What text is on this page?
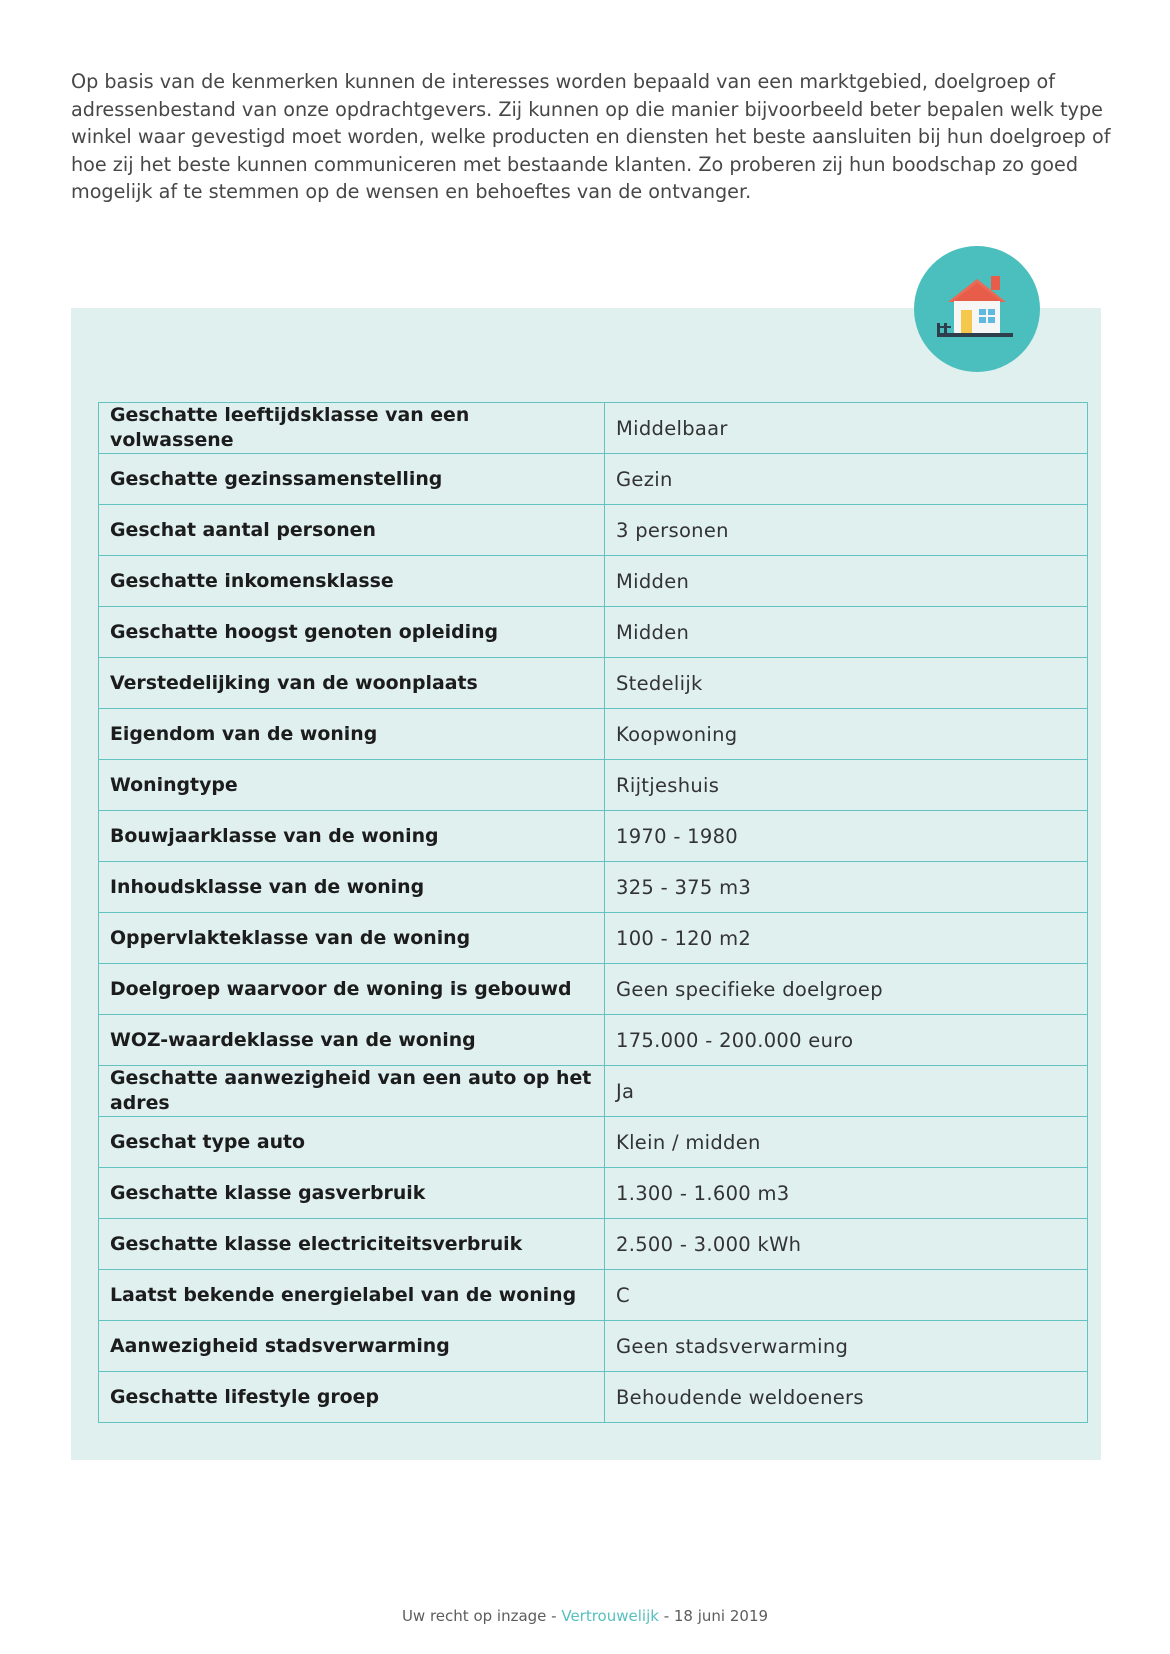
Op basis van de kenmerken kunnen de interesses worden bepaald van een marktgebied, doelgroep of adressenbestand van onze opdrachtgevers. Zij kunnen op die manier bijvoorbeeld beter bepalen welk type winkel waar gevestigd moet worden, welke producten en diensten het beste aansluiten bij hun doelgroep of hoe zij het beste kunnen communiceren met bestaande klanten. Zo proberen zij hun boodschap zo goed mogelijk af te stemmen op de wensen en behoeftes van de ontvanger.

Geschatte leeftijdsklasse van een volwassene	Middelbaar
Geschatte gezinssamenstelling	Gezin
Geschat aantal personen	3 personen
Geschatte inkomensklasse	Midden
Geschatte hoogst genoten opleiding	Midden
Verstedelijking van de woonplaats	Stedelijk
Eigendom van de woning	Koopwoning
Woningtype	Rijtjeshuis
Bouwjaarklasse van de woning	1970 - 1980
Inhoudsklasse van de woning	325 - 375 m3
Oppervlakteklasse van de woning	100 - 120 m2
Doelgroep waarvoor de woning is gebouwd	Geen specifieke doelgroep
WOZ-waardeklasse van de woning	175.000 - 200.000 euro
Geschatte aanwezigheid van een auto op het adres	Ja
Geschat type auto	Klein / midden
Geschatte klasse gasverbruik	1.300 - 1.600 m3
Geschatte klasse electriciteitsverbruik	2.500 - 3.000 kWh
Laatst bekende energielabel van de woning	C
Aanwezigheid stadsverwarming	Geen stadsverwarming
Geschatte lifestyle groep	Behoudende weldoeners
Uw recht op inzage - Vertrouwelijk - 18 juni 2019
